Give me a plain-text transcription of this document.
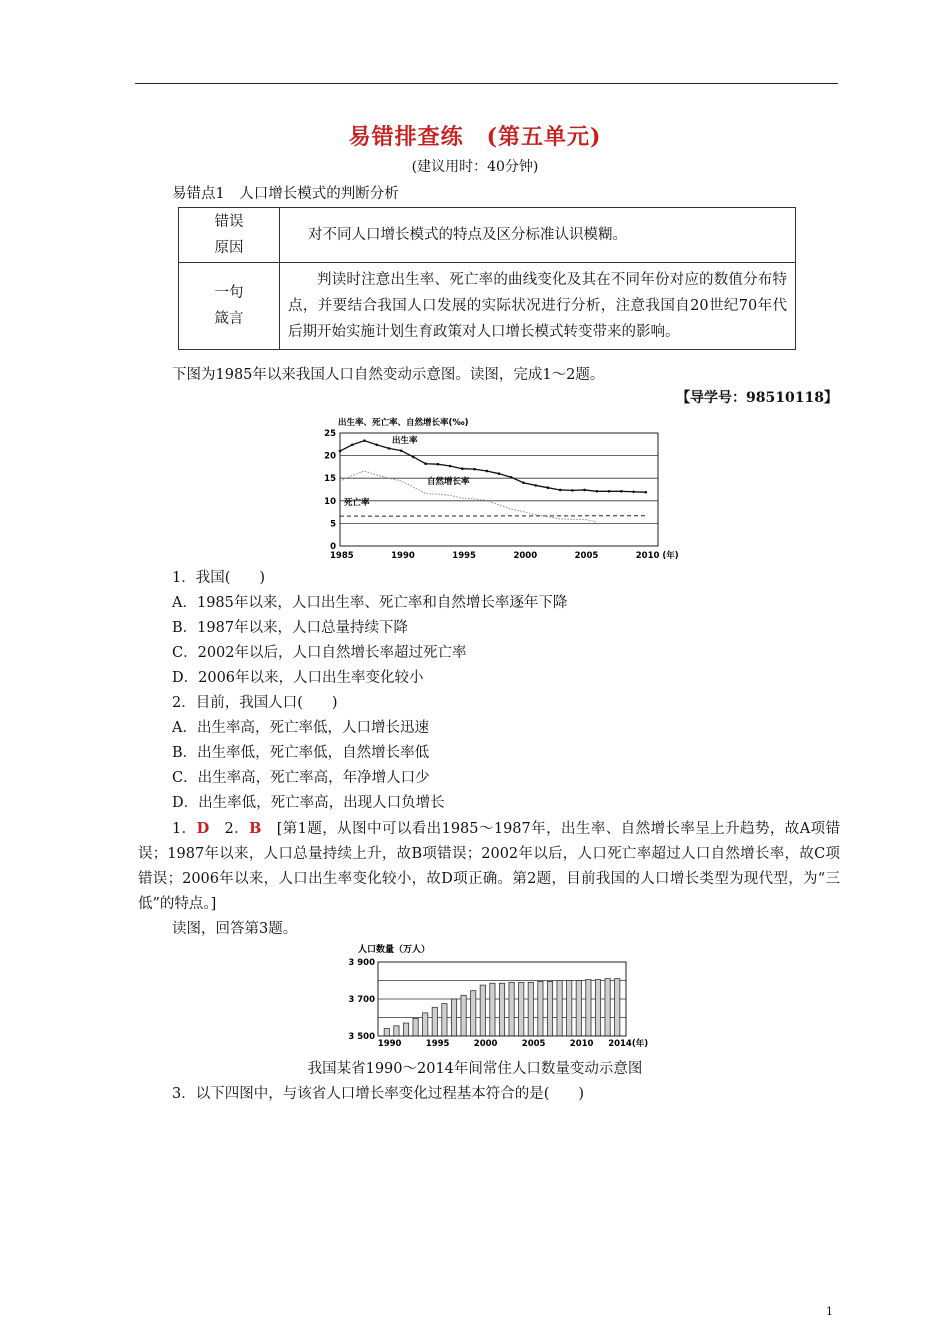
易错排查练　(第五单元)
(建议用时：40分钟)
易错点1　人口增长模式的判断分析
错误
原因	对不同人口增长模式的特点及区分标准认识模糊。

一句
箴言	判读时注意出生率、死亡率的曲线变化及其在不同年份对应的数值分布特点，并要结合我国人口发展的实际状况进行分析，注意我国自20世纪70年代后期开始实施计划生育政策对人口增长模式转变带来的影响。
下图为1985年以来我国人口自然变动示意图。读图，完成1～2题。
【导学号：98510118】
出生率、死亡率、自然增长率(‰)
0
5
10
15
20
25
1985	1990	1995	2000	2005	2010 (年)
出生率
自然增长率
死亡率
1．我国(　　)
A．1985年以来，人口出生率、死亡率和自然增长率逐年下降
B．1987年以来，人口总量持续下降
C．2002年以后，人口自然增长率超过死亡率
D．2006年以来，人口出生率变化较小
2．目前，我国人口(　　)
A．出生率高，死亡率低，人口增长迅速
B．出生率低，死亡率低，自然增长率低
C．出生率高，死亡率高，年净增人口少
D．出生率低，死亡率高，出现人口负增长
1．D　 2．B　 [第1题，从图中可以看出1985～1987年，出生率、自然增长率呈上升趋势，故A项错误；1987年以来，人口总量持续上升，故B项错误；2002年以后，人口死亡率超过人口自然增长率，故C项错误；2006年以来，人口出生率变化较小，故D项正确。第2题，目前我国的人口增长类型为现代型，为“三低”的特点。]
读图，回答第3题。
人口数量（万人）
3 500
3 700
3 900
1990	1995	2000	2005	2010 2014(年)
我国某省1990～2014年间常住人口数量变动示意图
3．以下四图中，与该省人口增长率变化过程基本符合的是(　　)
1
